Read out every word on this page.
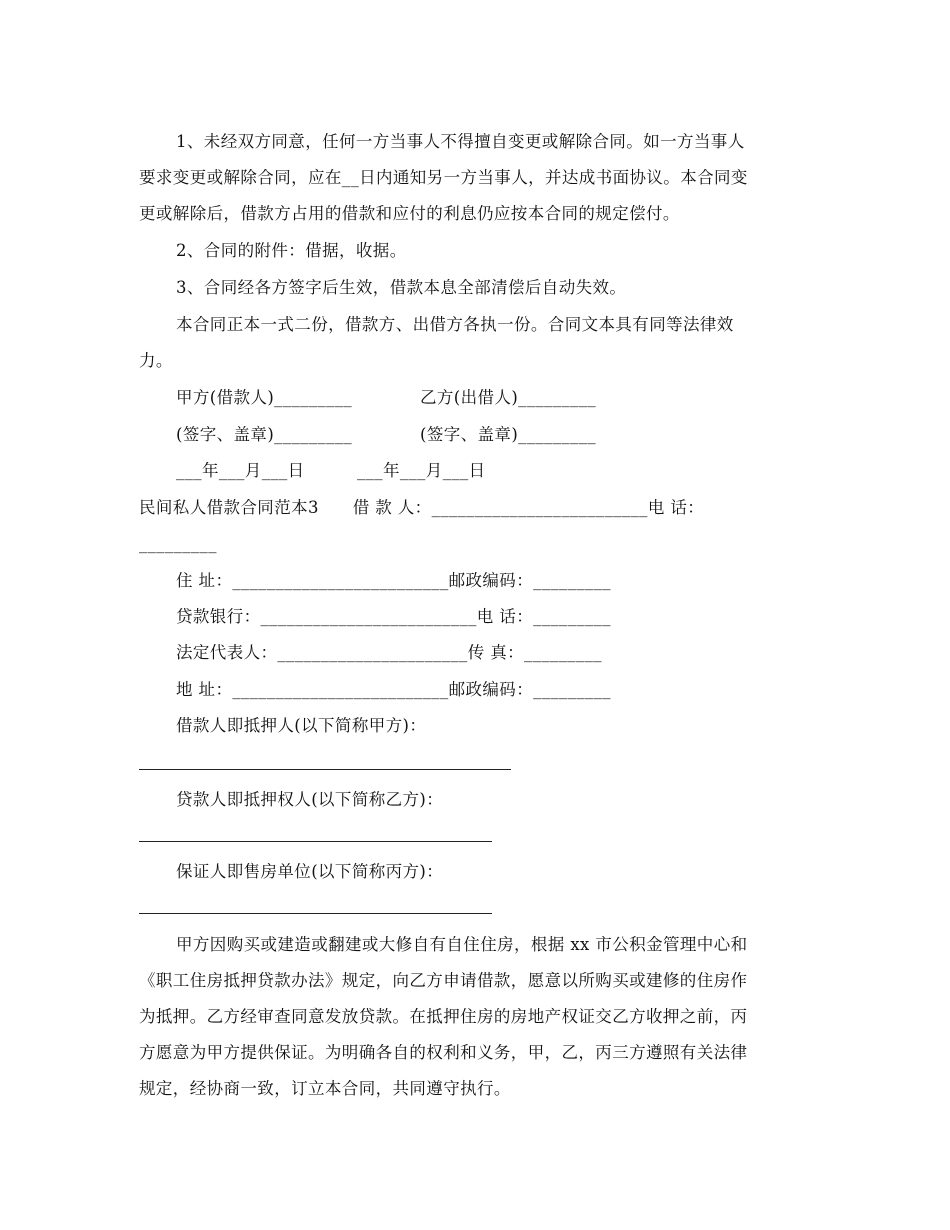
1、未经双方同意，任何一方当事人不得擅自变更或解除合同。如一方当事人
要求变更或解除合同，应在__日内通知另一方当事人，并达成书面协议。本合同变
更或解除后，借款方占用的借款和应付的利息仍应按本合同的规定偿付。
2、合同的附件：借据，收据。
3、合同经各方签字后生效，借款本息全部清偿后自动失效。
本合同正本一式二份，借款方、出借方各执一份。合同文本具有同等法律效
力。
甲方(借款人)_________	乙方(出借人)_________
(签字、盖章)_________	(签字、盖章)_________
___年___月___日	___年___月___日
民间私人借款合同范本3　　借 款 人：_________________________电 话：
_________
住 址：_________________________邮政编码：_________
贷款银行：_________________________电 话：_________
法定代表人：______________________传 真：_________
地 址：_________________________邮政编码：_________
借款人即抵押人(以下简称甲方)：
贷款人即抵押权人(以下简称乙方)：
保证人即售房单位(以下简称丙方)：
甲方因购买或建造或翻建或大修自有自住住房，根据 xx 市公积金管理中心和
《职工住房抵押贷款办法》规定，向乙方申请借款，愿意以所购买或建修的住房作
为抵押。乙方经审查同意发放贷款。在抵押住房的房地产权证交乙方收押之前，丙
方愿意为甲方提供保证。为明确各自的权利和义务，甲，乙，丙三方遵照有关法律
规定，经协商一致，订立本合同，共同遵守执行。
